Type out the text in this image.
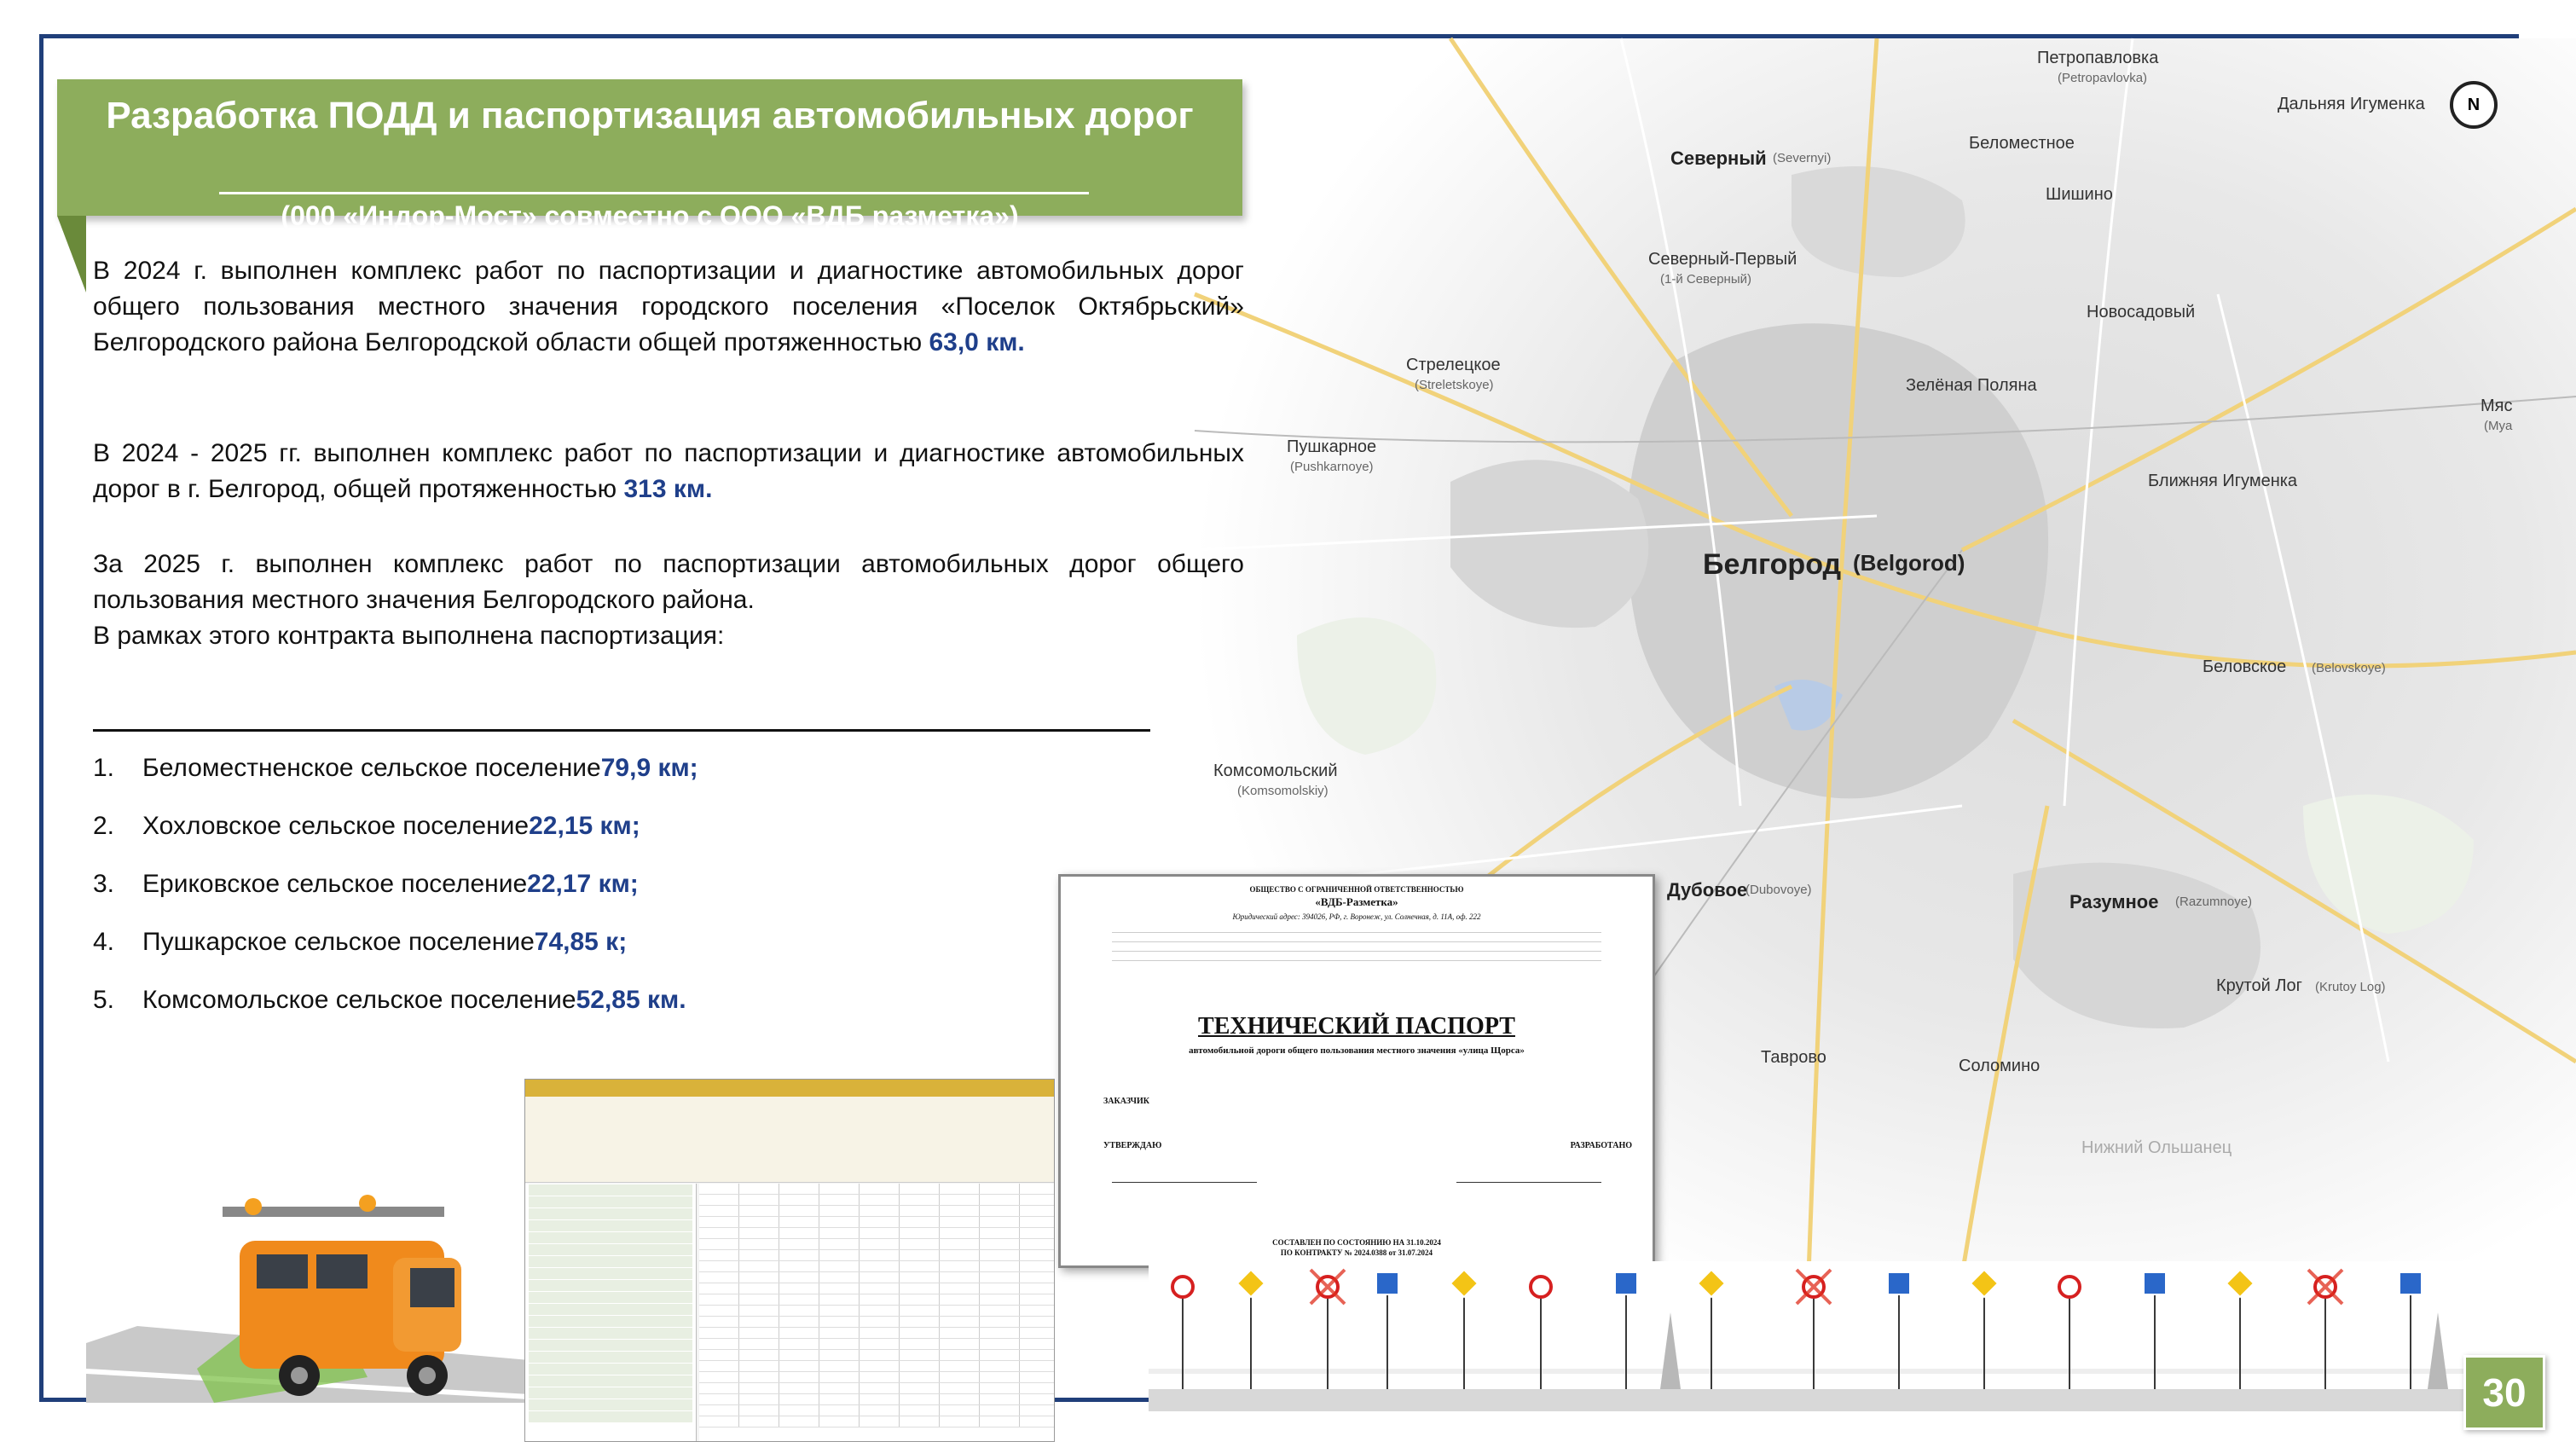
Петропавловка
(Petropavlovka)
Дальняя Игуменка
Северный (Severnyi)
Беломестное
Шишино
Северный-Первый
(1-й Северный)
Новосадовый
Стрелецкое
(Streletskoye)	Зелёная Поляна
Пушкарное
(Pushkarnoye)
Ближняя Игуменка
Белгород (Belgorod)
Беловское (Belovskoye)
Комсомольский
(Komsomolskiy)
Дубовое
(Dubovoye)
Разумное (Razumnoye)
Крутой Лог (Krutoy Log)
Таврово	Соломино
Нижний Ольшанец
Мяс
(Мya
N
Разработка ПОДД и паспортизация автомобильных дорог

(000 «Индор-Мост» совместно с ООО «ВДБ разметка»)

В 2024 г. выполнен комплекс работ по паспортизации и диагностике автомобильных дорог общего пользования местного значения городского поселения «Поселок Октябрьский» Белгородского района Белгородской области общей протяженностью 63,0 км.
В 2024 - 2025 гг. выполнен комплекс работ по паспортизации и диагностике автомобильных дорог в г. Белгород, общей протяженностью 313 км.
За 2025 г. выполнен комплекс работ по паспортизации автомобильных дорог общего пользования местного значения Белгородского района.
В рамках этого контракта выполнена паспортизация:
1.	Беломестненское сельское поселение 79,9 км;
2.	Хохловское сельское поселение 22,15 км;
3.	Ериковское сельское поселение 22,17 км;
4.	Пушкарское сельское поселение 74,85 к;
5.	Комсомольское сельское поселение 52,85 км.
ОБЩЕСТВО С ОГРАНИЧЕННОЙ ОТВЕТСТВЕННОСТЬЮ
«ВДБ-Разметка»
Юридический адрес: 394026, РФ, г. Воронеж, ул. Солнечная, д. 11А, оф. 222
ТЕХНИЧЕСКИЙ ПАСПОРТ
автомобильной дороги общего пользования местного значения «улица Щорса»
ЗАКАЗЧИК
УТВЕРЖДАЮ	РАЗРАБОТАНО
СОСТАВЛЕН ПО СОСТОЯНИЮ НА 31.10.2024
ПО КОНТРАКТУ № 2024.0388 от 31.07.2024
30
